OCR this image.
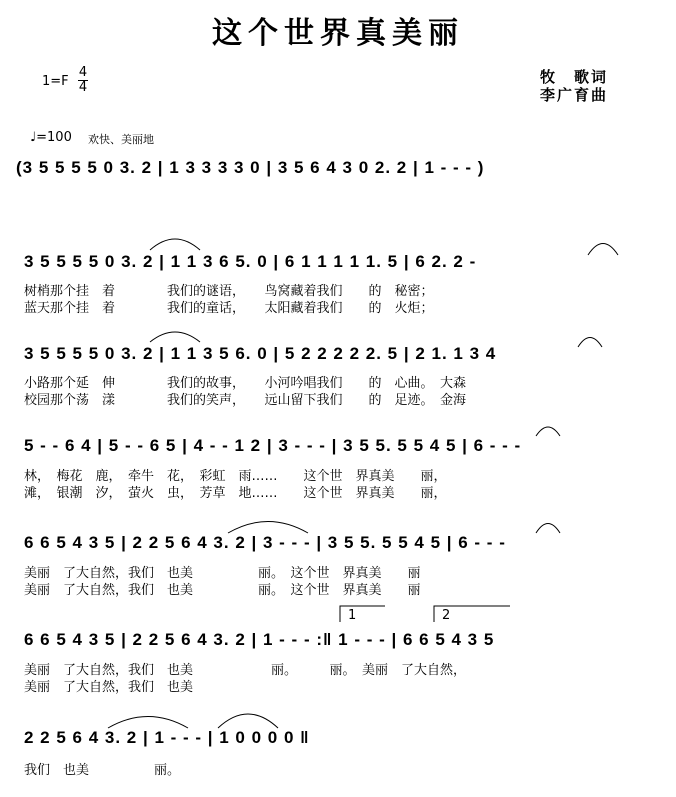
这个世界真美丽
1=F
4
4
牧　歌词
李广育曲
♩=100 欢快、美丽地
(3 5 5 5 5 0 3. 2 | 1 3 3 3 3 0 | 3 5 6 4 3 0 2. 2 | 1 - - - )
3 5 5 5 5 0 3. 2 | 1 1 3 6 5. 0 | 6 1 1 1 1 1. 5 | 6 2. 2 -
树梢那个挂　着　　　　我们的谜语，　　鸟窝藏着我们　　的　秘密；
蓝天那个挂　着　　　　我们的童话，　　太阳藏着我们　　的　火炬；
3 5 5 5 5 0 3. 2 | 1 1 3 5 6. 0 | 5 2 2 2 2 2. 5 | 2 1. 1 3 4
小路那个延　伸　　　　我们的故事，　　小河吟唱我们　　的　心曲。　大森
校园那个荡　漾　　　　我们的笑声，　　远山留下我们　　的　足迹。　金海
5 - - 6 4 | 5 - - 6 5 | 4 - - 1 2 | 3 - - - | 3 5 5. 5 5 4 5 | 6 - - -
林，　梅花　鹿，　牵牛　花，　彩虹　雨……　　这个世　界真美　　丽，
滩，　银潮　汐，　萤火　虫，　芳草　地……　　这个世　界真美　　丽，
6 6 5 4 3 5 | 2 2 5 6 4 3. 2 | 3 - - - | 3 5 5. 5 5 4 5 | 6 - - -
美丽　了大自然，我们　也美　　　　　丽。　这个世　界真美　　丽
美丽　了大自然，我们　也美　　　　　丽。　这个世　界真美　　丽
1	2
6 6 5 4 3 5 | 2 2 5 6 4 3. 2 | 1 - - - :‖ 1 - - - | 6 6 5 4 3 5
美丽　了大自然，我们　也美　　　　　　丽。　　　丽。　美丽　了大自然，
美丽　了大自然，我们　也美
2 2 5 6 4 3. 2 | 1 - - - | 1 0 0 0 0 ‖
我们　也美　　　　　丽。
